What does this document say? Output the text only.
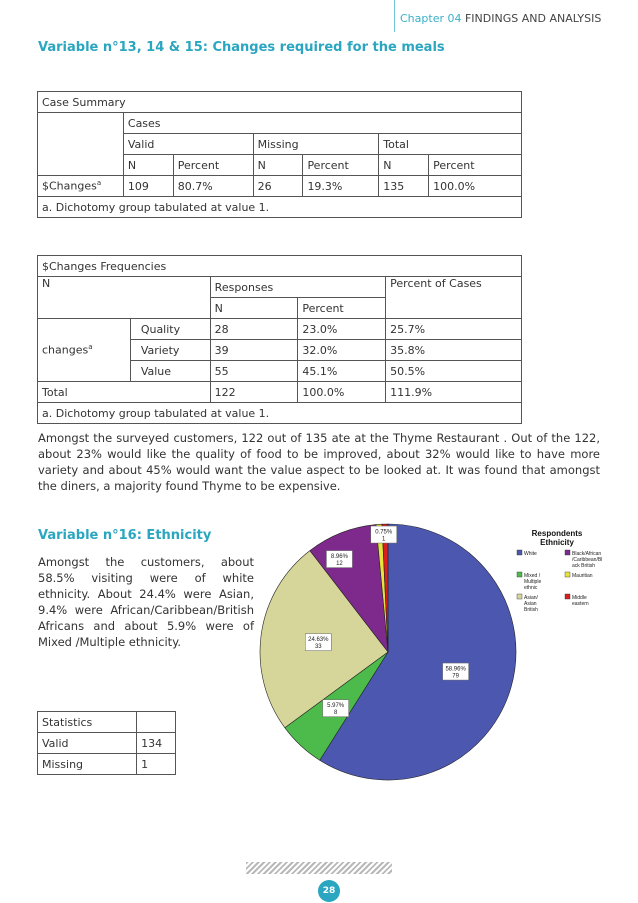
Chapter 04 FINDINGS AND ANALYSIS
Variable n°13, 14 & 15: Changes required for the meals
Case Summary						
	Cases					
	Valid		Missing		Total	
	N	Percent	N	Percent	N	Percent
$Changes$^a$	109	80.7%	26	19.3%	135	100.0%
a. Dichotomy group tabulated at value 1.						
$Changes Frequencies				
N		Responses		Percent of Cases
		N	Percent	
changes$^a$	Quality	28	23.0%	25.7%
	Variety	39	32.0%	35.8%
	Value	55	45.1%	50.5%
Total		122	100.0%	111.9%
a. Dichotomy group tabulated at value 1.				
Amongst the surveyed customers, 122 out of 135 ate at the Thyme Restaurant . Out of the 122, about 23% would like the quality of food to be improved, about 32% would like to have more variety and about 45% would want the value aspect to be looked at. It was found that amongst the diners, a majority found Thyme to be expensive.
Variable n°16: Ethnicity
Amongst the customers, about 58.5% visiting were of white ethnicity. About 24.4% were Asian, 9.4% were African/Caribbean/British Africans and about 5.9% were of Mixed /Multiple ethnicity.
Statistics	
Valid	134
Missing	1
58.96%
79
5.97%
8
24.63%
33
8.96%
12
0.75%
1
Respondents Ethnicity
White	Black/African /Caribbean/Bl ack British
Mixed / Multiple ethnic
Mauritian
Asian/ Asian British
Middle eastern
28
